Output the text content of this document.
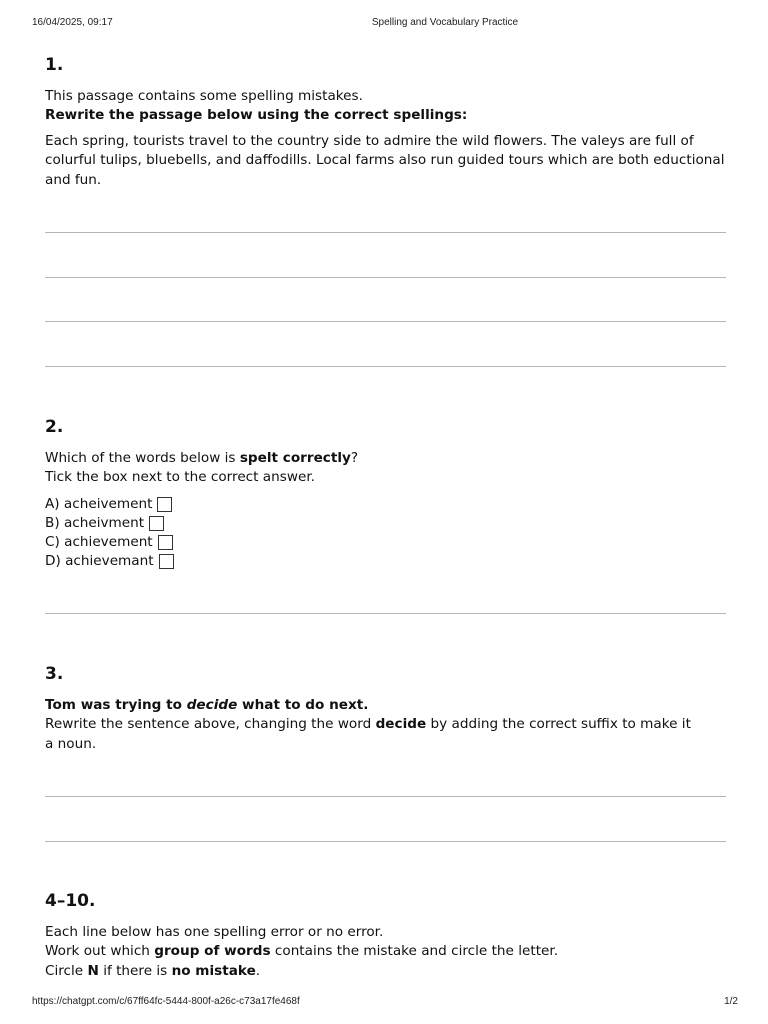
16/04/2025, 09:17	Spelling and Vocabulary Practice
1.
This passage contains some spelling mistakes.
Rewrite the passage below using the correct spellings:
Each spring, tourists travel to the country side to admire the wild flowers. The valeys are full of
colurful tulips, bluebells, and daffodills. Local farms also run guided tours which are both eductional
and fun.
2.
Which of the words below is spelt correctly?
Tick the box next to the correct answer.
A) acheivement
B) acheivment
C) achievement
D) achievemant
3.
Tom was trying to decide what to do next.
Rewrite the sentence above, changing the word decide by adding the correct suffix to make it
a noun.
4–10.
Each line below has one spelling error or no error.
Work out which group of words contains the mistake and circle the letter.
Circle N if there is no mistake.
https://chatgpt.com/c/67ff64fc-5444-800f-a26c-c73a17fe468f	1/2
